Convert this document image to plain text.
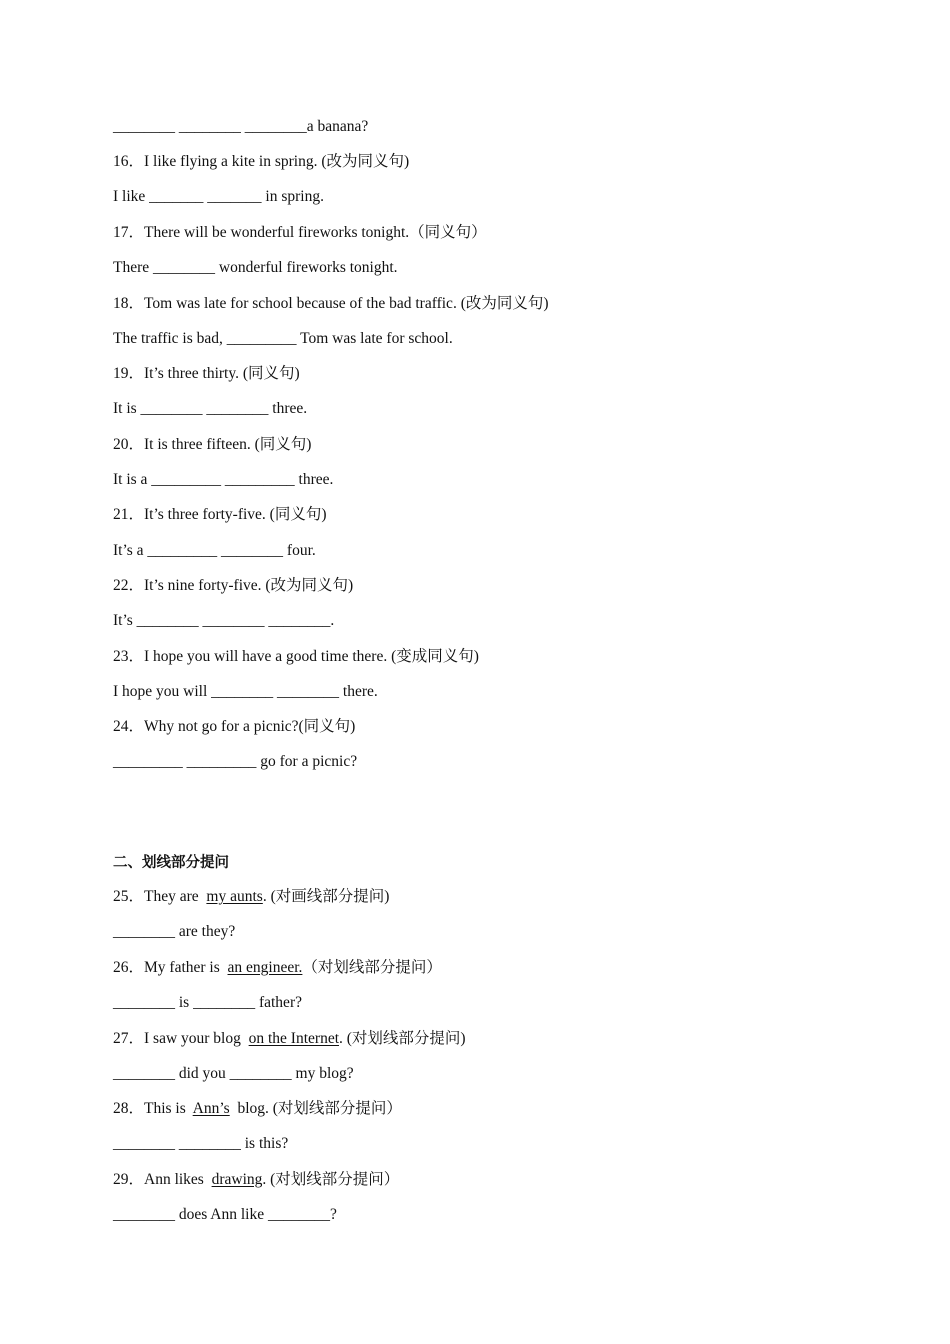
________ ________ ________a banana?
16．I like flying a kite in spring. (改为同义句)
I like _______ _______ in spring.
17．There will be wonderful fireworks tonight.（同义句）
There ________ wonderful fireworks tonight.
18．Tom was late for school because of the bad traffic. (改为同义句)
The traffic is bad, _________ Tom was late for school.
19．It’s three thirty. (同义句)
It is ________ ________ three.
20．It is three fifteen. (同义句)
It is a _________ _________ three.
21．It’s three forty-five. (同义句)
It’s a _________ ________ four.
22．It’s nine forty-five. (改为同义句)
It’s ________ ________ ________.
23．I hope you will have a good time there. (变成同义句)
I hope you will ________ ________ there.
24．Why not go for a picnic?(同义句)
_________ _________ go for a picnic?
二、划线部分提问
25．They are  my aunts. (对画线部分提问)
________ are they?
26．My father is  an engineer.（对划线部分提问）
________ is ________ father?
27．I saw your blog  on the Internet. (对划线部分提问)
________ did you ________ my blog?
28．This is  Ann’s  blog. (对划线部分提问）
________ ________ is this?
29．Ann likes  drawing. (对划线部分提问）
________ does Ann like ________?
